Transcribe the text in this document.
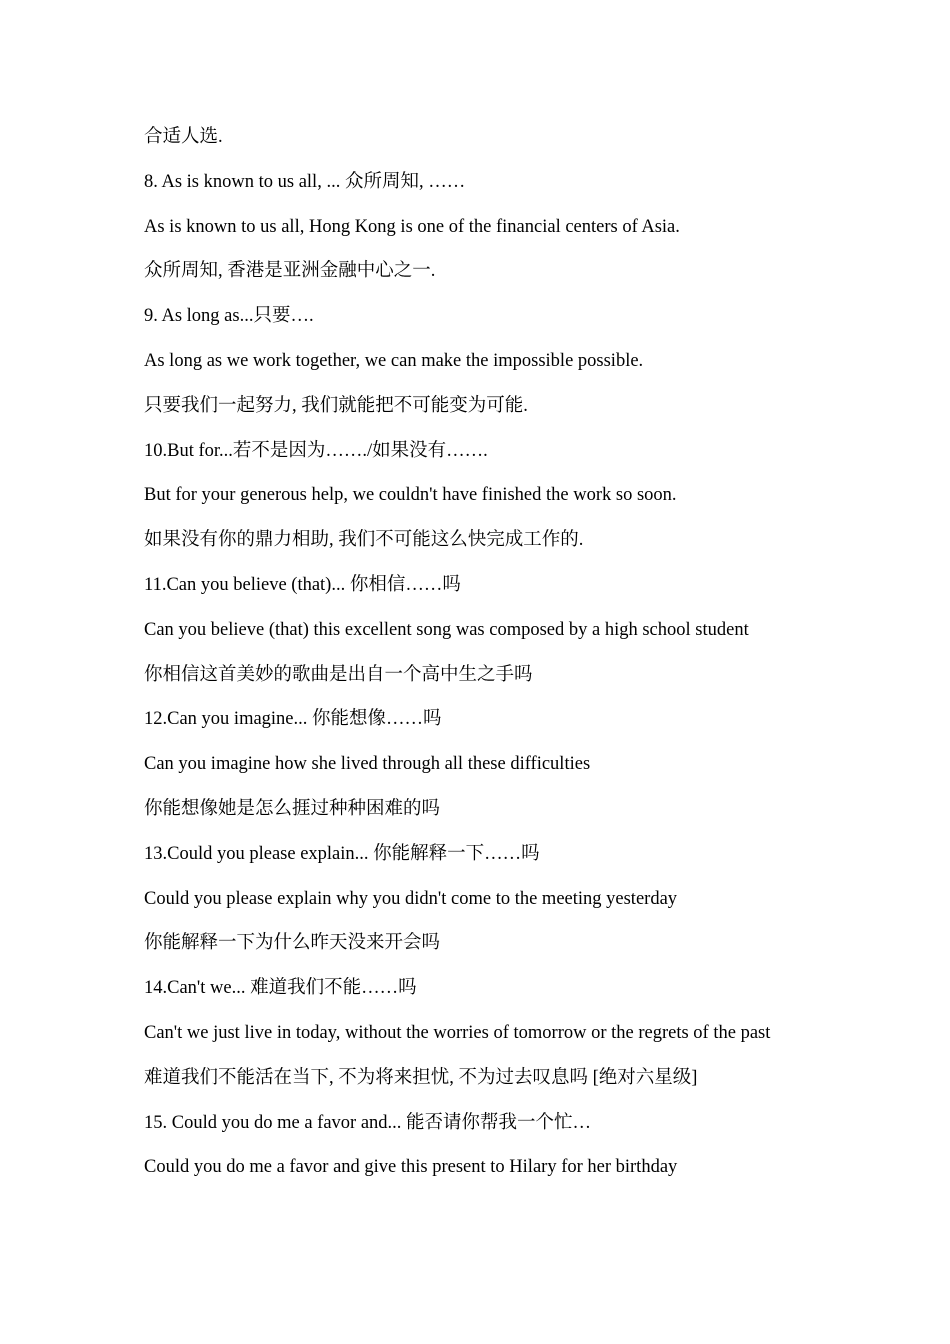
合适人选.

8. As is known to us all, ... 众所周知, ……

As is known to us all, Hong Kong is one of the financial centers of Asia.

众所周知, 香港是亚洲金融中心之一.

9. As long as...只要….

As long as we work together, we can make the impossible possible.

只要我们一起努力, 我们就能把不可能变为可能.

10.But for...若不是因为……./如果没有…….

But for your generous help, we couldn't have finished the work so soon.

如果没有你的鼎力相助, 我们不可能这么快完成工作的.

11.Can you believe (that)... 你相信……吗

Can you believe (that) this excellent song was composed by a high school student

你相信这首美妙的歌曲是出自一个高中生之手吗

12.Can you imagine... 你能想像……吗

Can you imagine how she lived through all these difficulties

你能想像她是怎么捱过种种困难的吗

13.Could you please explain... 你能解释一下……吗

Could you please explain why you didn't come to the meeting yesterday

你能解释一下为什么昨天没来开会吗

14.Can't we... 难道我们不能……吗

Can't we just live in today, without the worries of tomorrow or the regrets of the past

难道我们不能活在当下, 不为将来担忧, 不为过去叹息吗 [绝对六星级]

15. Could you do me a favor and... 能否请你帮我一个忙…

Could you do me a favor and give this present to Hilary for her birthday
